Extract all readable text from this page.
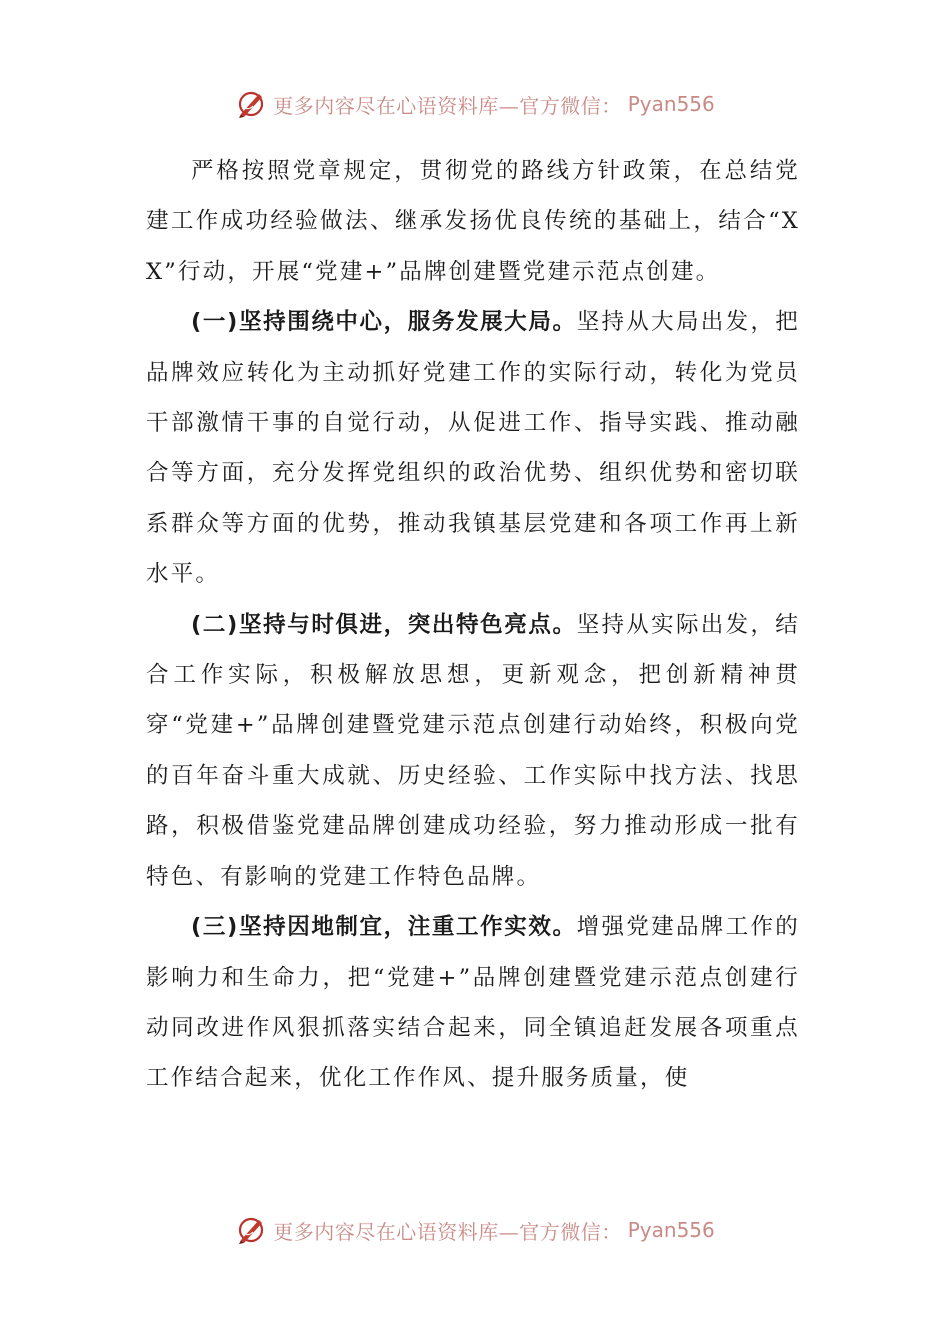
更多内容尽在心语资料库—官方微信： Pyan556

严格按照党章规定，贯彻党的路线方针政策，在总结党建工作成功经验做法、继承发扬优良传统的基础上，结合“XX”行动，开展“党建+”品牌创建暨党建示范点创建。

(一)坚持围绕中心，服务发展大局。坚持从大局出发，把品牌效应转化为主动抓好党建工作的实际行动，转化为党员干部激情干事的自觉行动，从促进工作、指导实践、推动融合等方面，充分发挥党组织的政治优势、组织优势和密切联系群众等方面的优势，推动我镇基层党建和各项工作再上新水平。

(二)坚持与时俱进，突出特色亮点。坚持从实际出发，结合工作实际，积极解放思想，更新观念，把创新精神贯穿“党建+”品牌创建暨党建示范点创建行动始终，积极向党的百年奋斗重大成就、历史经验、工作实际中找方法、找思路，积极借鉴党建品牌创建成功经验，努力推动形成一批有特色、有影响的党建工作特色品牌。

(三)坚持因地制宜，注重工作实效。增强党建品牌工作的影响力和生命力，把“党建+”品牌创建暨党建示范点创建行动同改进作风狠抓落实结合起来，同全镇追赶发展各项重点工作结合起来，优化工作作风、提升服务质量，使

更多内容尽在心语资料库—官方微信： Pyan556
